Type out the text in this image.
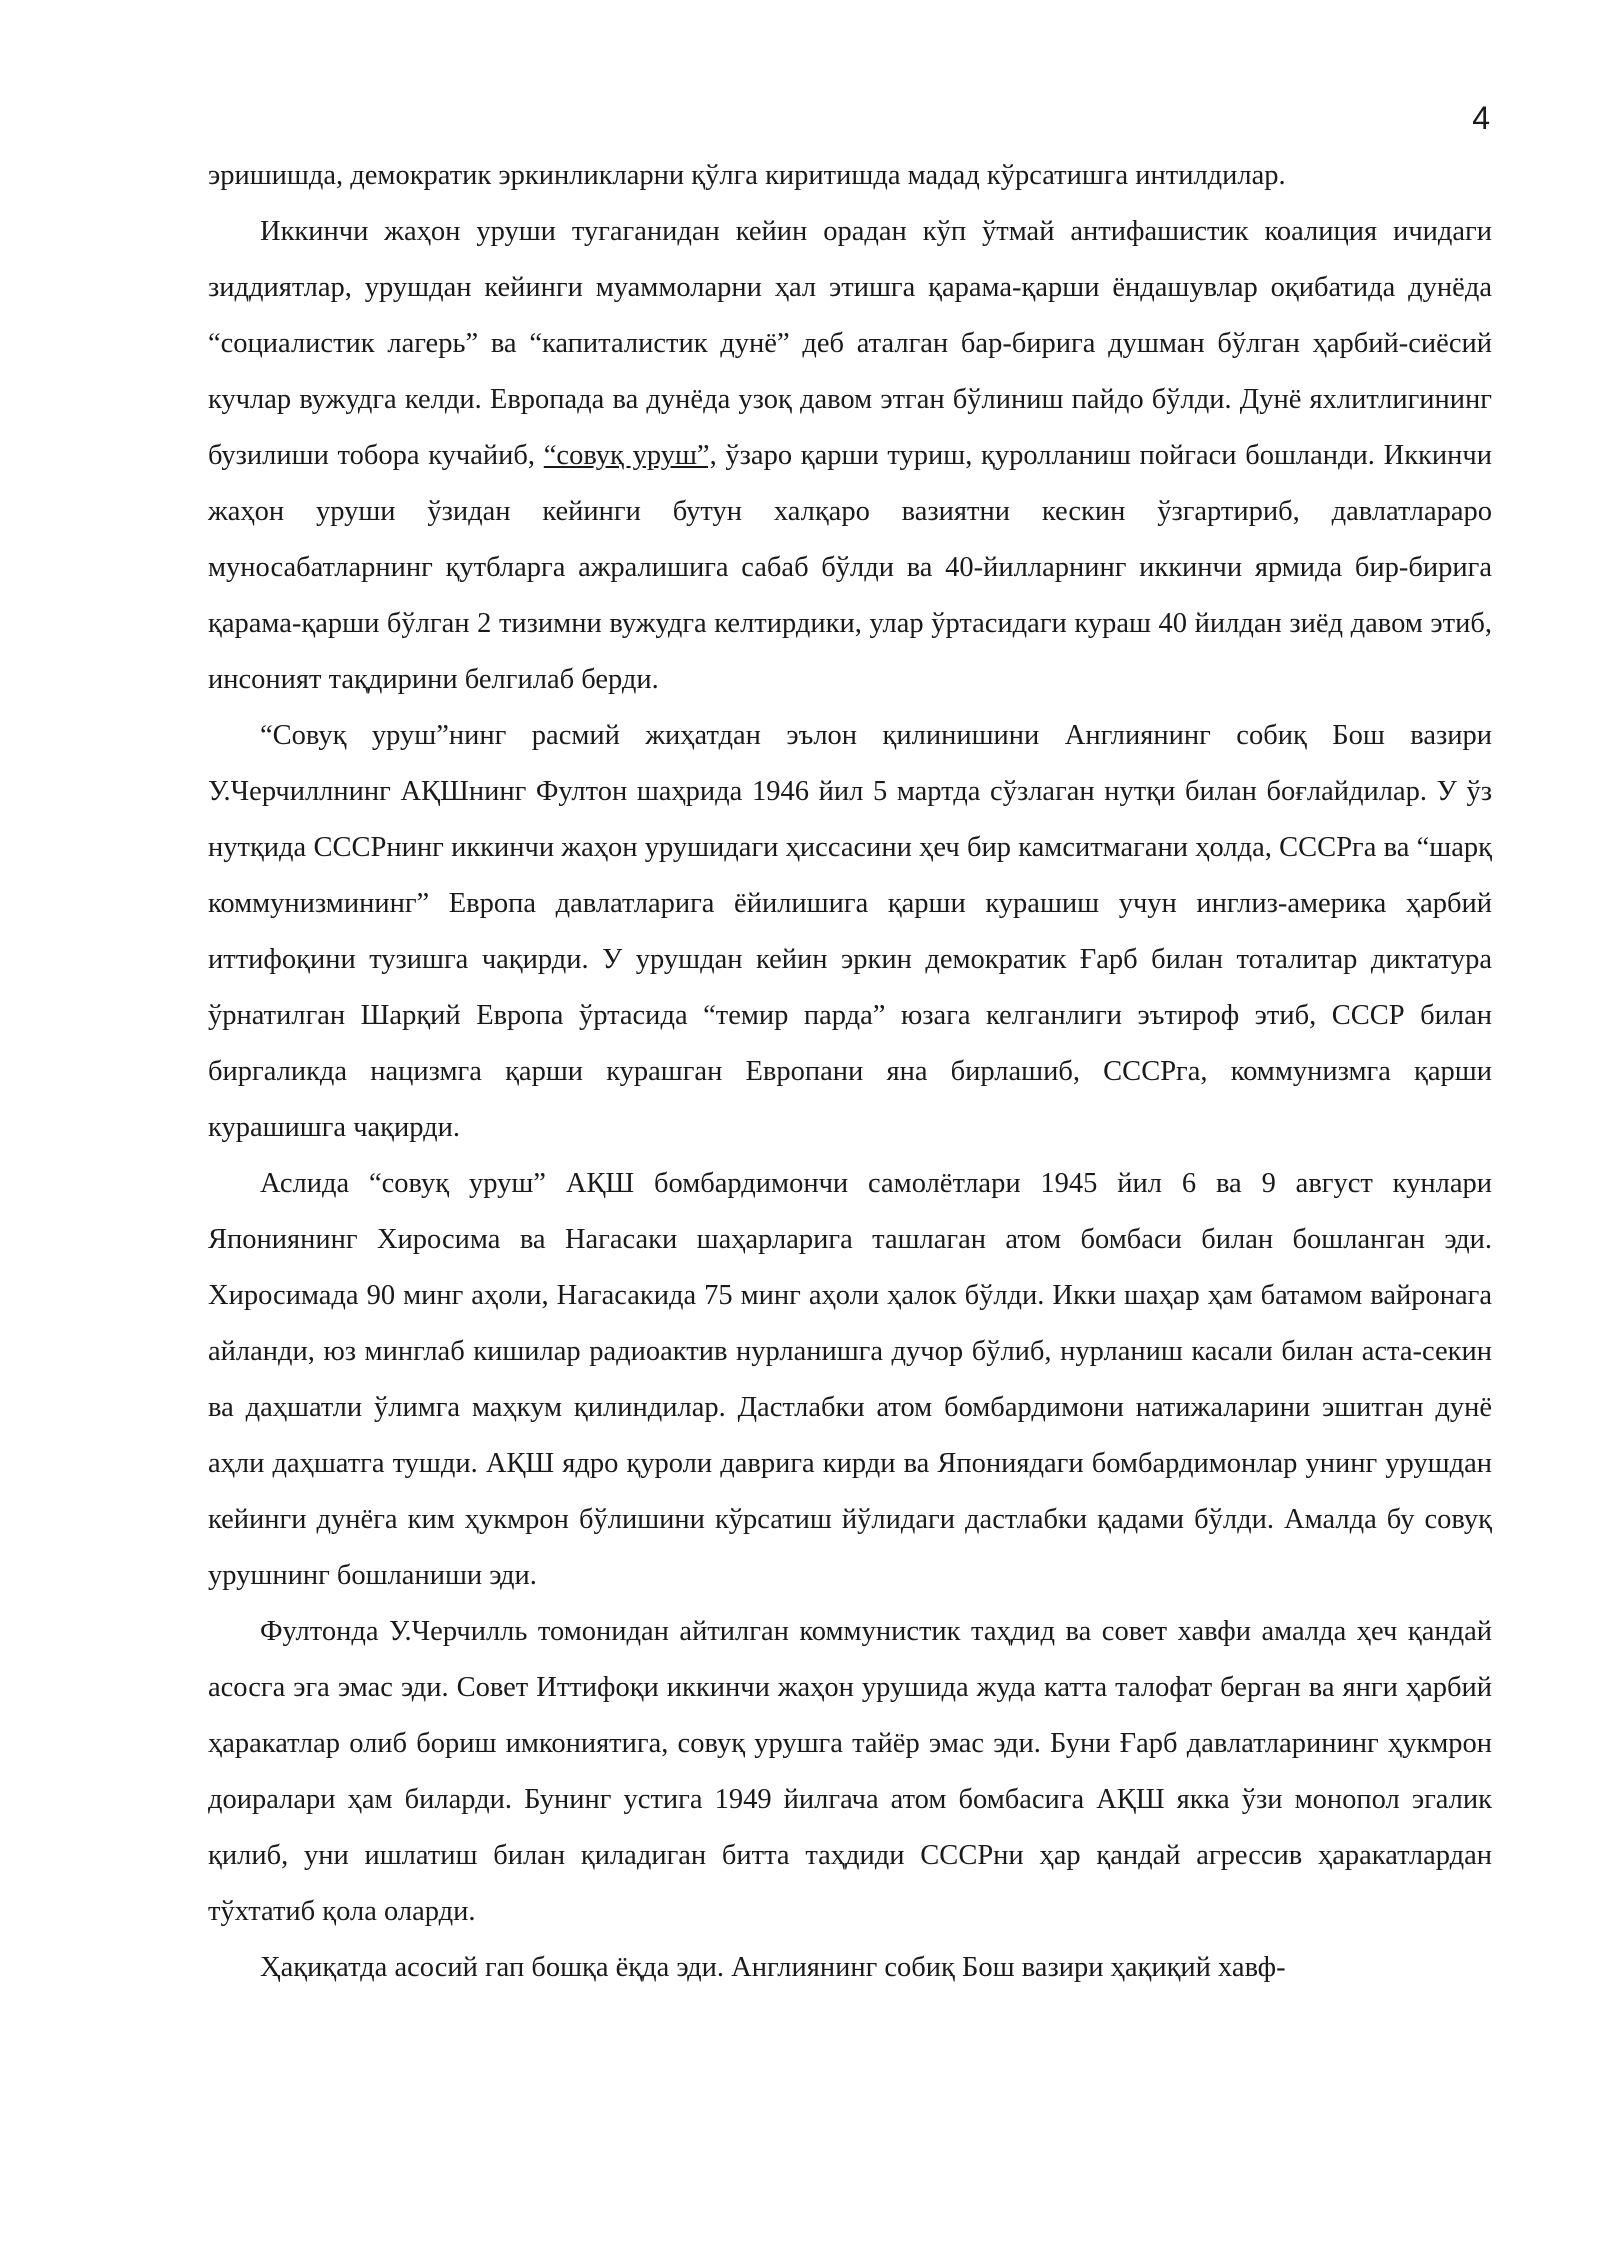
4

эришишда, демократик эркинликларни қўлга киритишда мадад кўрсатишга интилдилар.

Иккинчи жаҳон уруши тугаганидан кейин орадан кўп ўтмай антифашистик коалиция ичидаги зиддиятлар, урушдан кейинги муаммоларни ҳал этишга қарама-қарши ёндашувлар оқибатида дунёда “социалистик лагерь” ва “капиталистик дунё” деб аталган бар-бирига душман бўлган ҳарбий-сиёсий кучлар вужудга келди. Европада ва дунёда узоқ давом этган бўлиниш пайдо бўлди. Дунё яхлитлигининг бузилиши тобора кучайиб, “совуқ уруш”, ўзаро қарши туриш, қуролланиш пойгаси бошланди. Иккинчи жаҳон уруши ўзидан кейинги бутун халқаро вазиятни кескин ўзгартириб, давлатлараро муносабатларнинг қутбларга ажралишига сабаб бўлди ва 40-йилларнинг иккинчи ярмида бир-бирига қарама-қарши бўлган 2 тизимни вужудга келтирдики, улар ўртасидаги кураш 40 йилдан зиёд давом этиб, инсоният тақдирини белгилаб берди.

“Совуқ уруш”нинг расмий жиҳатдан эълон қилинишини Англиянинг собиқ Бош вазири У.Черчиллнинг АҚШнинг Фултон шаҳрида 1946 йил 5 мартда сўзлаган нутқи билан боғлайдилар. У ўз нутқида СССРнинг иккинчи жаҳон урушидаги ҳиссасини ҳеч бир камситмагани ҳолда, СССРга ва “шарқ коммунизмининг” Европа давлатларига ёйилишига қарши курашиш учун инглиз-америка ҳарбий иттифоқини тузишга чақирди. У урушдан кейин эркин демократик Ғарб билан тоталитар диктатура ўрнатилган Шарқий Европа ўртасида “темир парда” юзага келганлиги эътироф этиб, СССР билан биргаликда нацизмга қарши курашган Европани яна бирлашиб, СССРга, коммунизмга қарши курашишга чақирди.

Аслида “совуқ уруш” АҚШ бомбардимончи самолётлари 1945 йил 6 ва 9 август кунлари Япониянинг Хиросима ва Нагасаки шаҳарларига ташлаган атом бомбаси билан бошланган эди. Хиросимада 90 минг аҳоли, Нагасакида 75 минг аҳоли ҳалок бўлди. Икки шаҳар ҳам батамом вайронага айланди, юз минглаб кишилар радиоактив нурланишга дучор бўлиб, нурланиш касали билан аста-секин ва даҳшатли ўлимга маҳкум қилиндилар. Дастлабки атом бомбардимони натижаларини эшитган дунё аҳли даҳшатга тушди. АҚШ ядро қуроли даврига кирди ва Япониядаги бомбардимонлар унинг урушдан кейинги дунёга ким ҳукмрон бўлишини кўрсатиш йўлидаги дастлабки қадами бўлди. Амалда бу совуқ урушнинг бошланиши эди.

Фултонда У.Черчилль томонидан айтилган коммунистик таҳдид ва совет хавфи амалда ҳеч қандай асосга эга эмас эди. Совет Иттифоқи иккинчи жаҳон урушида жуда катта талофат берган ва янги ҳарбий ҳаракатлар олиб бориш имкониятига, совуқ урушга тайёр эмас эди. Буни Ғарб давлатларининг ҳукмрон доиралари ҳам биларди. Бунинг устига 1949 йилгача атом бомбасига АҚШ якка ўзи монопол эгалик қилиб, уни ишлатиш билан қиладиган битта таҳдиди СССРни ҳар қандай агрессив ҳаракатлардан тўхтатиб қола оларди.

Ҳақиқатда асосий гап бошқа ёқда эди. Англиянинг собиқ Бош вазири ҳақиқий хавф-
